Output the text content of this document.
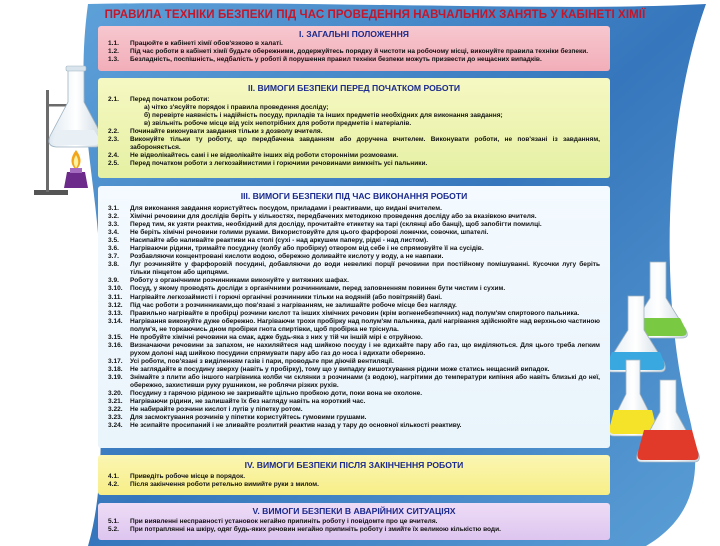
ПРАВИЛА ТЕХНІКИ БЕЗПЕКИ ПІД ЧАС ПРОВЕДЕННЯ НАВЧАЛЬНИХ ЗАНЯТЬ У КАБІНЕТІ ХІМІЇ
І. ЗАГАЛЬНІ ПОЛОЖЕННЯ
1.1.	Працюйте в кабінеті хімії обов'язково в халаті.
1.2.	Під час роботи в кабінеті хімії будьте обережними, додержуйтесь порядку й чистоти на робочому місці, виконуйте правила техніки безпеки.
1.3.	Безладність, поспішність, недбалість у роботі й порушення правил техніки безпеки можуть призвести до нещасних випадків.
ІІ. ВИМОГИ БЕЗПЕКИ ПЕРЕД ПОЧАТКОМ РОБОТИ
2.1.	Перед початком роботи:
а) чітко з'ясуйте порядок і правила проведення досліду;
б) перевірте наявність і надійність посуду, приладів та інших предметів необхідних для виконання завдання;
в) звільніть робоче місце від усіх непотрібних для роботи предметів і матеріалів.
2.2.	Починайте виконувати завдання тільки з дозволу вчителя.
2.3.	Виконуйте тільки ту роботу, що передбачена завданням або доручена вчителем. Виконувати роботи, не пов'язані із завданням, забороняється.
2.4.	Не відволікайтесь самі і не відволікайте інших від роботи сторонніми розмовами.
2.5.	Перед початком роботи з легкозаймистими і горючими речовинами вимкніть усі пальники.
ІІІ. ВИМОГИ БЕЗПЕКИ ПІД ЧАС ВИКОНАННЯ РОБОТИ
3.1.	Для виконання завдання користуйтесь посудом, приладами і реактивами, що видані вчителем.
3.2.	Хімічні речовини для дослідів беріть у кількостях, передбачених методикою проведення досліду або за вказівкою вчителя.
3.3.	Перед тим, як узяти реактив, необхідний для досліду, прочитайте етикетку на тарі (склянці або банці), щоб запобігти помилці.
3.4.	Не беріть хімічні речовини голими руками. Використовуйте для цього фарфорові ложечки, совочки, шпателі.
3.5.	Насипайте або наливайте реактиви на столі (сухі - над аркушем паперу, рідкі - над листом).
3.6.	Нагріваючи рідини, тримайте посудину (колбу або пробірку) отвором від себе і не спрямовуйте її на сусідів.
3.7.	Розбавляючи концентровані кислоти водою, обережно доливайте кислоту у воду, а не навпаки.
3.8.	Луг розчиняйте у фарфоровій посудині, добавляючи до води невеликі порції речовини при постійному помішуванні. Кусочки лугу беріть тільки пінцетом або щипцями.
3.9.	Роботу з органічними розчинниками виконуйте у витяжних шафах.
3.10.	Посуд, у якому проводять досліди з органічними розчинниками, перед заповненням повинен бути чистим і сухим.
3.11.	Нагрівайте легкозаймисті і горючі органічні розчинники тільки на водяній (або повітряній) бані.
3.12.	Під час роботи з розчинниками,що пов'язані з нагріванням, не залишайте робоче місце без нагляду.
3.13.	Правильно нагрівайте в пробірці розчини кислот та інших хімічних речовин (крім вогненебезпечних) над полум'ям спиртового пальника.
3.14.	Нагрівання виконуйте дуже обережно. Нагріваючи трохи пробірку над полум'ям пальника, далі нагрівання здійснюйте над верхньою частиною полум'я, не торкаючись дном пробірки гнота спиртівки, щоб пробірка не тріснула.
3.15.	Не пробуйте хімічні речовини на смак, адже будь-яка з них у тій чи іншій мірі є отруйною.
3.16.	Визначаючи речовини за запахом, не нахиляйтеся над шийкою посуду і не вдихайте пару або газ, що виділяються. Для цього треба легким рухом долоні над шийкою посудини спрямувати пару або газ до носа і вдихати обережно.
3.17.	Усі роботи, пов'язані з виділенням газів і пари, проводьте при діючій вентиляції.
3.18.	Не заглядайте в посудину зверху (навіть у пробірку), тому що у випадку вишотхування рідини може статись нещасний випадок.
3.19.	Знімайте з плити або іншого нагрівника колби чи склянки з розчинами (з водою), нагрітими до температури кипіння або навіть близькі до неї, обережно, захистивши руку рушником, не роблячи різких рухів.
3.20.	Посудину з гарячою рідиною не закривайте щільно пробкою доти, поки вона не охолоне.
3.21.	Нагріваючи рідини, не залишайте їх без нагляду навіть на короткий час.
3.22.	Не набирайте розчини кислот і лугів у піпетку ротом.
3.23.	Для засмоктування розчинів у піпетки користуйтесь гумовими грушами.
3.24.	Не зсипайте просипаний і не зливайте розлитий реактив назад у тару до основної кількості реактиву.
ІV. ВИМОГИ БЕЗПЕКИ ПІСЛЯ ЗАКІНЧЕННЯ РОБОТИ
4.1.	Приведіть робоче місце в порядок.
4.2.	Після закінчення роботи ретельно вимийте руки з милом.
V. ВИМОГИ БЕЗПЕКИ В АВАРІЙНИХ СИТУАЦІЯХ
5.1.	При виявленні несправності установок негайно припиніть роботу і повідомте про це вчителя.
5.2.	При потраплянні на шкіру, одяг будь-яких речовин негайно припиніть роботу і змийте їх великою кількістю води.
